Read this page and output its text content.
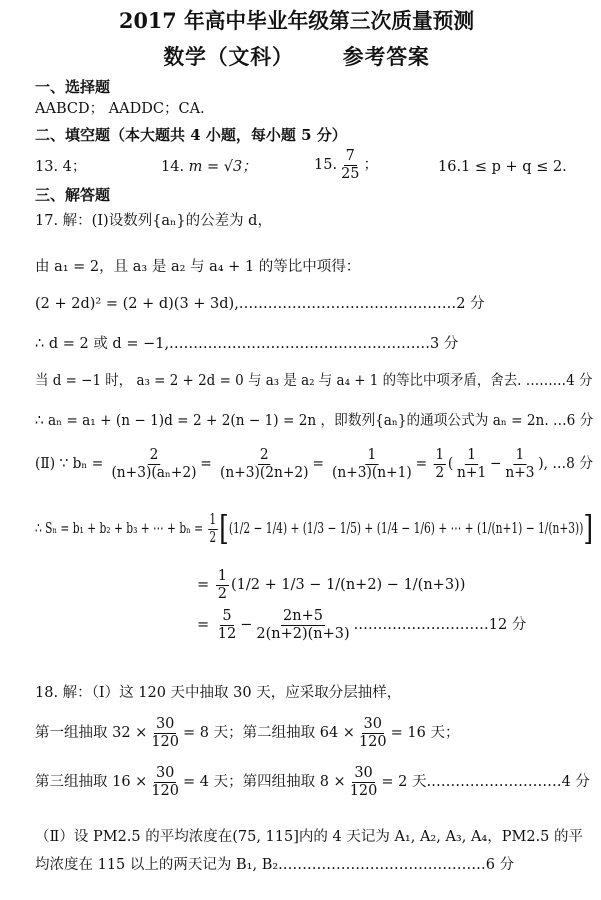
2017 年高中毕业年级第三次质量预测
数学（文科）      参考答案
一、选择题
AABCD； AADDC；CA.
二、填空题（本大题共 4 小题，每小题 5 分）
13. 4；	14. m = √3；	15. $\frac{7}{25}$ ；	16.1 ≤ p + q ≤ 2.
三、解答题
17. 解：(Ⅰ)设数列{aₙ}的公差为 d，
由 a₁ = 2，且 a₃ 是 a₂ 与 a₄ + 1 的等比中项得：
(2 + 2d)² = (2 + d)(3 + 3d),………………………………………2 分
∴ d = 2 或 d = −1,………………………………………………3 分
当 d = −1 时， a₃ = 2 + 2d = 0 与 a₃ 是 a₂ 与 a₄ + 1 的等比中项矛盾，舍去. ………4 分
∴ aₙ = a₁ + (n − 1)d = 2 + 2(n − 1) = 2n ，即数列{aₙ}的通项公式为 aₙ = 2n. …6 分
(Ⅱ) ∵ $b_n = \frac{2}{\text{(n+3)(aₙ+2)}} = \frac{2}{(n+3)(2n+2)} = \frac{1}{(n+3)(n+1)} = \frac{1}{2}$ ( $\frac{1}{n+1} - \frac{1}{n+3}$ ), …8 分
∴ Sₙ = b₁ + b₂ + b₃ + ⋯ + $b_n = \frac{1}{2} [(1/2 - 1/4) + (1/3 - 1/5) + (1/4 - 1/6)$ + ⋯ + (1/(n+1) − 1/(n+3))]
= $\frac{1}{2} (1/2 + 1/3 - 1/(n+2) - 1/(n+3))$
= $\frac{5}{12} - \frac{2n+5}{2(n+2)(n+3)}$ .………………………12 分
18. 解：（Ⅰ）这 120 天中抽取 30 天，应采取分层抽样，
第一组抽取 $32 \times \frac{30}{120} = 8$ 天；第二组抽取 $64 \times \frac{30}{120} = 16$ 天；
第三组抽取 $16 \times \frac{30}{120} = 4$ 天；第四组抽取 $8 \times \frac{30}{120} = 2$ 天.………………………4 分
（Ⅱ）设 PM2.5 的平均浓度在(75, 115]内的 4 天记为 A₁, A₂, A₃, A₄，PM2.5 的平
均浓度在 115 以上的两天记为 B₁, B₂.……………………………………6 分
